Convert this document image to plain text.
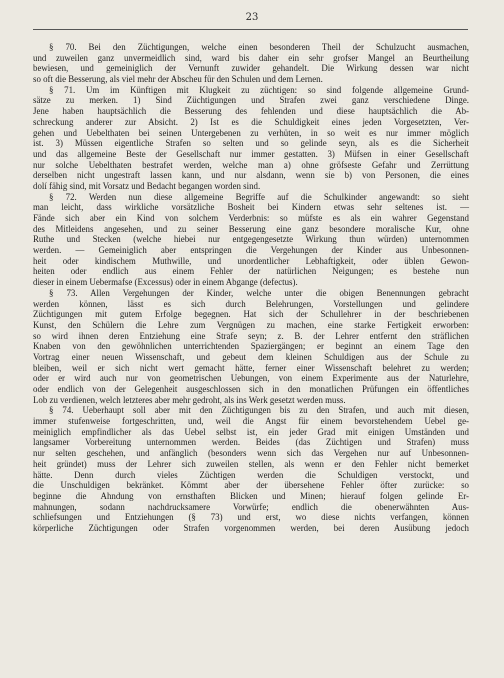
23
§ 70. Bei den Züchtigungen, welche einen besonderen Theil der Schulzucht ausmachen,
und zuweilen ganz unvermeidlich sind, ward bis daher ein sehr grofser Mangel an Beurtheilung
bewiesen, und gemeiniglich der Vernunft zuwider gehandelt. Die Wirkung dessen war nicht
so oft die Besserung, als viel mehr der Abscheu für den Schulen und dem Lernen.
§ 71. Um im Künftigen mit Klugkeit zu züchtigen: so sind folgende allgemeine Grund-
sätze zu merken. 1) Sind Züchtigungen und Strafen zwei ganz verschiedene Dinge.
Jene haben hauptsächlich die Besserung des fehlenden und diese hauptsächlich die Ab-
schreckung anderer zur Absicht. 2) Ist es die Schuldigkeit eines jeden Vorgesetzten, Ver-
gehen und Uebelthaten bei seinen Untergebenen zu verhüten, in so weit es nur immer möglich
ist. 3) Müssen eigentliche Strafen so selten und so gelinde seyn, als es die Sicherheit
und das allgemeine Beste der Gesellschaft nur immer gestatten. 3) Müfsen in einer Gesellschaft
nur solche Uebelthaten bestrafet werden, welche man a) ohne gröfseste Gefahr und Zerrüttung
derselben nicht ungestraft lassen kann, und nur alsdann, wenn sie b) von Personen, die eines
dolí fähig sind, mit Vorsatz und Bedacht begangen worden sind.
§ 72. Werden nun diese allgemeine Begriffe auf die Schulkinder angewandt: so sieht
man leicht, dass wirkliche vorsätzliche Bosheit bei Kindern etwas sehr seltenes ist. —
Fände sich aber ein Kind von solchem Verderbnis: so müfste es als ein wahrer Gegenstand
des Mitleidens angesehen, und zu seiner Besserung eine ganz besondere moralische Kur, ohne
Ruthe und Stecken (welche hiebei nur entgegengesetzte Wirkung thun würden) unternommen
werden. — Gemeiniglich aber entspringen die Vergehungen der Kinder aus Unbesonnen-
heit oder kindischem Muthwille, und unordentlicher Lebhaftigkeit, oder üblen Gewon-
heiten oder endlich aus einem Fehler der natürlichen Neigungen; es bestehe nun
dieser in einem Uebermafse (Excessus) oder in einem Abgange (defectus).
§ 73. Allen Vergehungen der Kinder, welche unter die obigen Benennungen gebracht
werden können, lässt es sich durch Belehrungen, Vorstellungen und gelindere
Züchtigungen mit gutem Erfolge begegnen. Hat sich der Schullehrer in der beschriebenen
Kunst, den Schülern die Lehre zum Vergnügen zu machen, eine starke Fertigkeit erworben:
so wird ihnen deren Entziehung eine Strafe seyn; z. B. der Lehrer entfernt den sträflichen
Knaben von den gewöhnlichen unterrichtenden Spaziergängen; er beginnt an einem Tage den
Vortrag einer neuen Wissenschaft, und gebeut dem kleinen Schuldigen aus der Schule zu
bleiben, weil er sich nicht wert gemacht hätte, ferner einer Wissenschaft belehret zu werden;
oder er wird auch nur von geometrischen Uebungen, von einem Experimente aus der Naturlehre,
oder endlich von der Gelegenheit ausgeschlossen sich in den monatlichen Prüfungen ein öffentliches
Lob zu verdienen, welch letzteres aber mehr gedroht, als ins Werk gesetzt werden muss.
§ 74. Ueberhaupt soll aber mit den Züchtigungen bis zu den Strafen, und auch mit diesen,
immer stufenweise fortgeschritten, und, weil die Angst für einem bevorstehendem Uebel ge-
meiniglich empfindlicher als das Uebel selbst ist, ein jeder Grad mit einigen Umständen und
langsamer Vorbereitung unternommen werden. Beides (das Züchtigen und Strafen) muss
nur selten geschehen, und anfänglich (besonders wenn sich das Vergehen nur auf Unbesonnen-
heit gründet) muss der Lehrer sich zuweilen stellen, als wenn er den Fehler nicht bemerket
hätte. Denn durch vieles Züchtigen werden die Schuldigen verstockt, und
die Unschuldigen bekränket. Kömmt aber der übersehene Fehler öfter zurücke: so
beginne die Ahndung von ernsthaften Blicken und Minen; hierauf folgen gelinde Er-
mahnungen, sodann nachdrucksamere Vorwürfe; endlich die obenerwähnten Aus-
schliefsungen und Entziehungen (§ 73) und erst, wo diese nichts verfangen, können
körperliche Züchtigungen oder Strafen vorgenommen werden, bei deren Ausübung jedoch
